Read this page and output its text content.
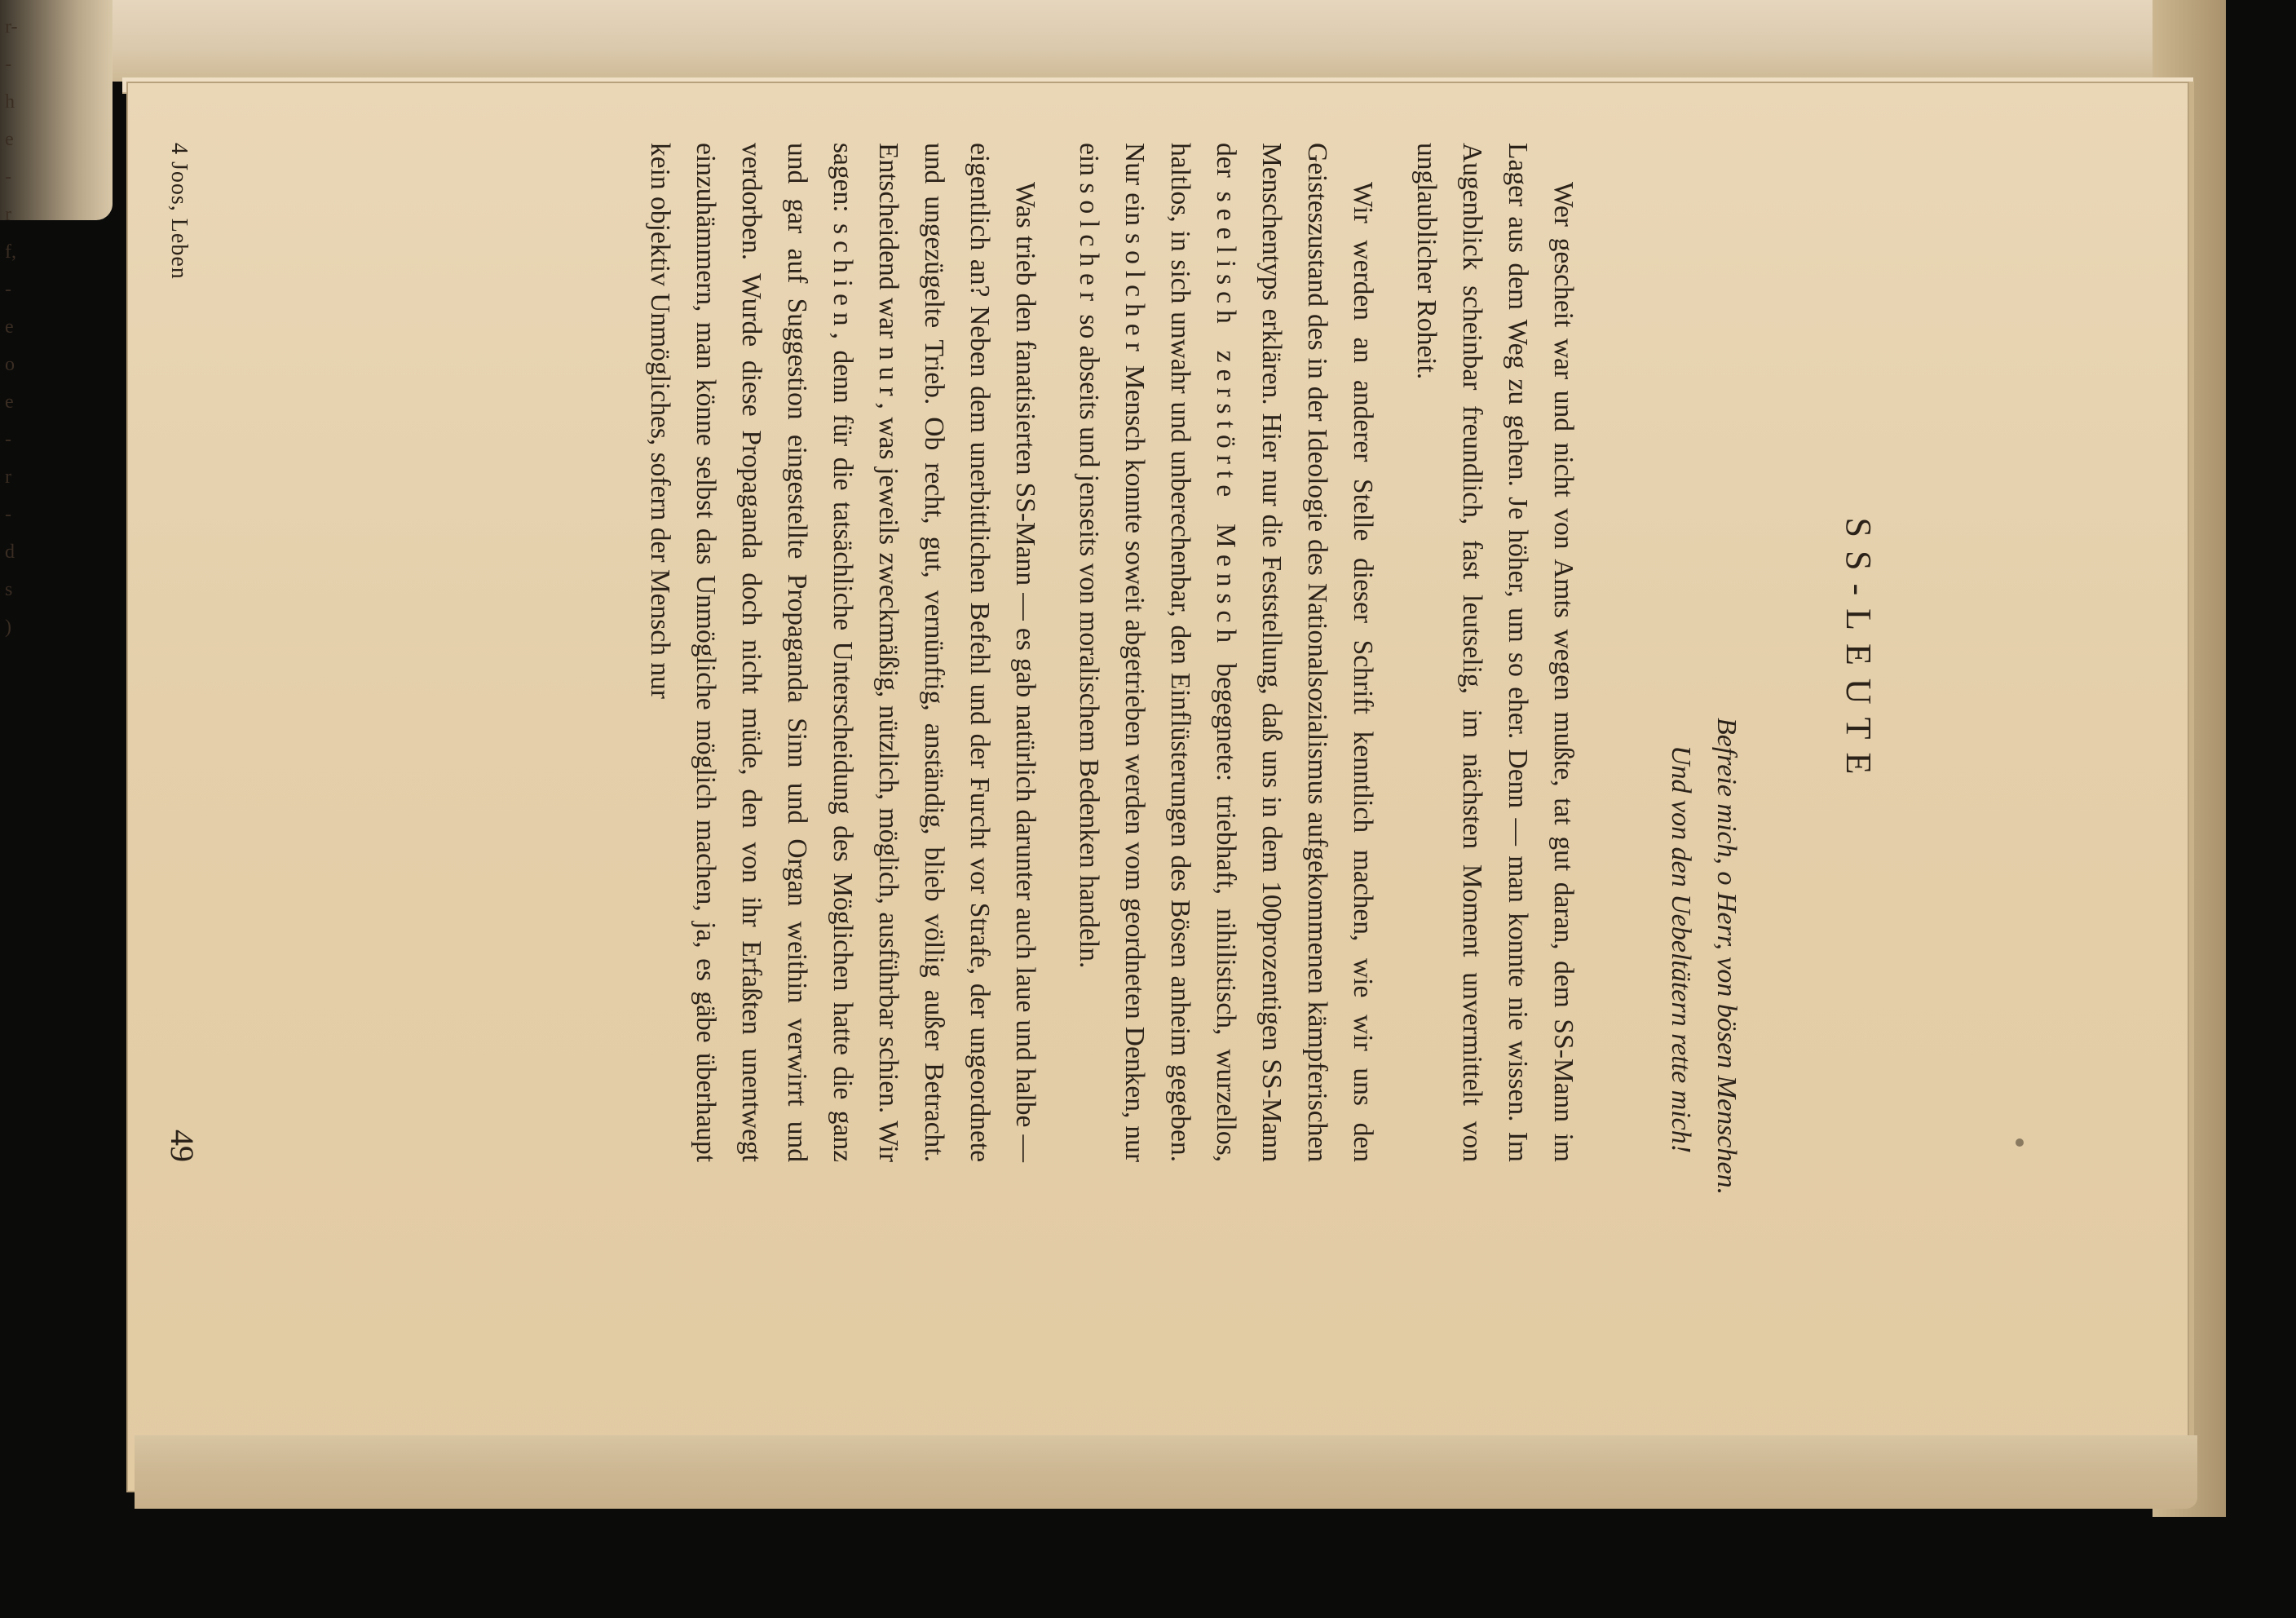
r-
-
h
e
-
r
f,
-
e
o
e
-
r
-
d
s
)	SS-LEUTE
Befreie mich, o Herr, von bösen Menschen.
Und von den Uebeltätern rette mich!

Wer gescheit war und nicht von Amts wegen mußte, tat gut daran, dem SS-Mann im Lager aus dem Weg zu gehen. Je höher, um so eher. Denn — man konnte nie wissen. Im Augenblick scheinbar freundlich, fast leutselig, im nächsten Moment unvermittelt von unglaublicher Roheit.

Wir werden an anderer Stelle dieser Schrift kenntlich machen, wie wir uns den Geisteszustand des in der Ideologie des Nationalsozialismus aufgekommenen kämpferischen Menschentyps erklären. Hier nur die Feststellung, daß uns in dem 100prozentigen SS-Mann der seelisch zerstörte Mensch begegnete: triebhaft, nihilistisch, wurzellos, haltlos, in sich unwahr und unberechenbar, den Einflüsterungen des Bösen anheim gegeben. Nur ein solcher Mensch konnte soweit abgetrieben werden vom geordneten Denken, nur ein solcher so abseits und jenseits von moralischem Bedenken handeln.

Was trieb den fanatisierten SS-Mann — es gab natürlich darunter auch laue und halbe — eigentlich an? Neben dem unerbittlichen Befehl und der Furcht vor Strafe, der ungeordnete und ungezügelte Trieb. Ob recht, gut, vernünftig, anständig, blieb völlig außer Betracht. Entscheidend war nur, was jeweils zweckmäßig, nützlich, möglich, ausführbar schien. Wir sagen: schien, denn für die tatsächliche Unterscheidung des Möglichen hatte die ganz und gar auf Suggestion eingestellte Propaganda Sinn und Organ weithin verwirrt und verdorben. Wurde diese Propaganda doch nicht müde, den von ihr Erfaßten unentwegt einzuhämmern, man könne selbst das Unmögliche möglich machen, ja, es gäbe überhaupt kein objektiv Unmögliches, sofern der Mensch nur

4 Joos, Leben
49
